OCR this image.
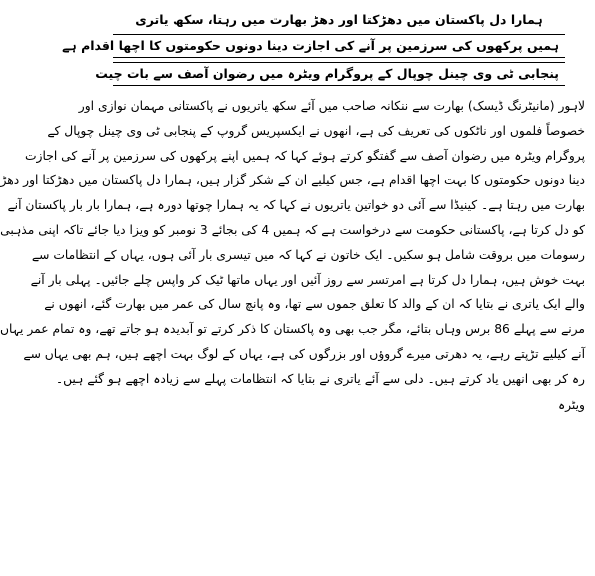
ہمارا دل پاکستان میں دھڑکتا اور دھڑ بھارت میں رہتا، سکھ یاتری
ہمیں پرکھوں کی سرزمین پر آنے کی اجازت دینا دونوں حکومتوں کا اچھا اقدام ہے
پنجابی ٹی وی چینل چوپال کے پروگرام ویٹرہ میں رضوان آصف سے بات چیت
لاہور (مانیٹرنگ ڈیسک) بھارت سے ننکانہ صاحب میں آئے سکھ یاتریوں نے پاکستانی مہمان نوازی اور
خصوصاً فلموں اور ناٹکوں کی تعریف کی ہے، انھوں نے ایکسپریس گروپ کے پنجابی ٹی وی چینل چوپال کے
پروگرام ویٹرہ میں رضوان آصف سے گفتگو کرتے ہوئے کہا کہ ہمیں اپنے پرکھوں کی سرزمین پر آنے کی اجازت
دینا دونوں حکومتوں کا بہت اچھا اقدام ہے، جس کیلیے ان کے شکر گزار ہیں، ہمارا دل پاکستان میں دھڑکتا اور دھڑ
بھارت میں رہتا ہے۔ کینیڈا سے آئی دو خواتین یاتریوں نے کہا کہ یہ ہمارا چوتھا دورہ ہے، ہمارا بار بار پاکستان آنے
کو دل کرتا ہے، پاکستانی حکومت سے درخواست ہے کہ ہمیں 4 کی بجائے 3 نومبر کو ویزا دیا جائے تاکہ اپنی مذہبی
رسومات میں بروقت شامل ہو سکیں۔ ایک خاتون نے کہا کہ میں تیسری بار آئی ہوں، یہاں کے انتظامات سے
بہت خوش ہیں، ہمارا دل کرتا ہے امرتسر سے روز آئیں اور یہاں ماتھا ٹیک کر واپس چلے جائیں۔ پہلی بار آنے
والے ایک یاتری نے بتایا کہ ان کے والد کا تعلق جموں سے تھا، وہ پانچ سال کی عمر میں بھارت گئے، انھوں نے
مرنے سے پہلے 86 برس وہاں بتائے، مگر جب بھی وہ پاکستان کا ذکر کرتے تو آبدیدہ ہو جاتے تھے، وہ تمام عمر یہاں
آنے کیلیے تڑپتے رہے، یہ دھرتی میرے گروؤں اور بزرگوں کی ہے، یہاں کے لوگ بہت اچھے ہیں، ہم بھی یہاں سے
رہ کر بھی انھیں یاد کرتے ہیں۔ دلی سے آئے یاتری نے بتایا کہ انتظامات پہلے سے زیادہ اچھے ہو گئے ہیں۔
ویٹرہ
